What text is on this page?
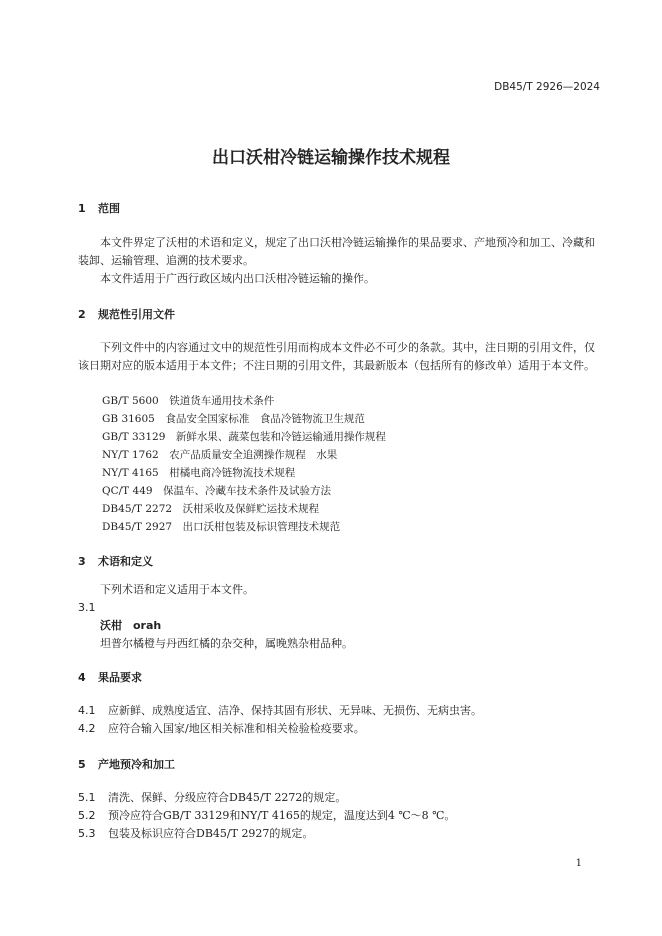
DB45/T 2926—2024
出口沃柑冷链运输操作技术规程
1 范围
本文件界定了沃柑的术语和定义，规定了出口沃柑冷链运输操作的果品要求、产地预冷和加工、冷藏和装卸、运输管理、追溯的技术要求。
本文件适用于广西行政区域内出口沃柑冷链运输的操作。
2 规范性引用文件
下列文件中的内容通过文中的规范性引用而构成本文件必不可少的条款。其中，注日期的引用文件，仅该日期对应的版本适用于本文件；不注日期的引用文件，其最新版本（包括所有的修改单）适用于本文件。
GB/T 5600　铁道货车通用技术条件
GB 31605　食品安全国家标准　食品冷链物流卫生规范
GB/T 33129　新鲜水果、蔬菜包装和冷链运输通用操作规程
NY/T 1762　农产品质量安全追溯操作规程　水果
NY/T 4165　柑橘电商冷链物流技术规程
QC/T 449　保温车、冷藏车技术条件及试验方法
DB45/T 2272　沃柑采收及保鲜贮运技术规程
DB45/T 2927　出口沃柑包装及标识管理技术规范
3 术语和定义
下列术语和定义适用于本文件。
3.1
沃柑　orah
坦普尔橘橙与丹西红橘的杂交种，属晚熟杂柑品种。
4 果品要求
4.1 应新鲜、成熟度适宜、洁净、保持其固有形状、无异味、无损伤、无病虫害。
4.2 应符合输入国家/地区相关标准和相关检验检疫要求。
5 产地预冷和加工
5.1 清洗、保鲜、分级应符合DB45/T 2272的规定。
5.2 预冷应符合GB/T 33129和NY/T 4165的规定，温度达到4 ℃～8 ℃。
5.3 包装及标识应符合DB45/T 2927的规定。
1
